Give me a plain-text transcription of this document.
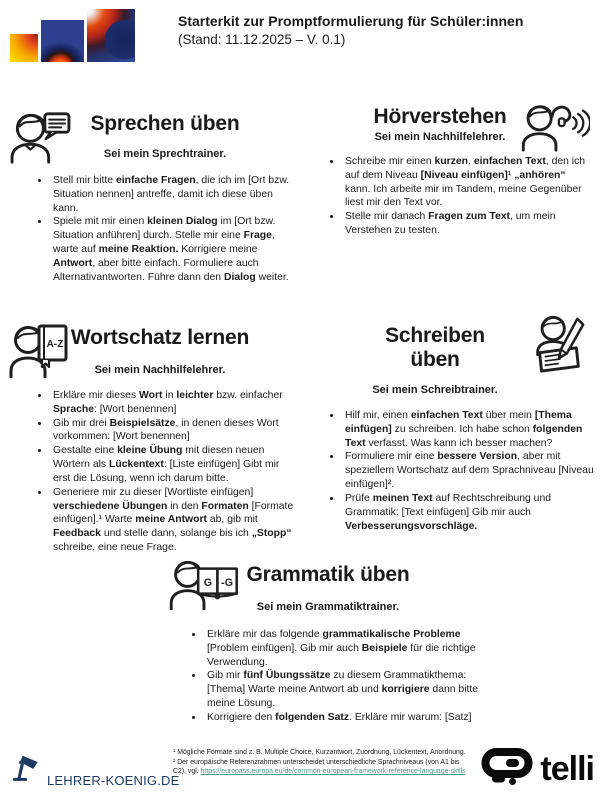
Starterkit zur Promptformulierung für Schüler:innen
(Stand: 11.12.2025 – V. 0.1)
Sprechen üben
Sei mein Sprechtrainer.
• Stell mir bitte einfache Fragen, die ich im [Ort bzw. Situation nennen] antreffe, damit ich diese üben kann.
• Spiele mit mir einen kleinen Dialog im [Ort bzw. Situation anführen] durch. Stelle mir eine Frage, warte auf meine Reaktion. Korrigiere meine Antwort, aber bitte einfach. Formuliere auch Alternativantworten. Führe dann den Dialog weiter.
Hörverstehen
Sei mein Nachhilfelehrer.
• Schreibe mir einen kurzen, einfachen Text, den ich auf dem Niveau [Niveau einfügen]¹ „anhören“ kann. Ich arbeite mir im Tandem, meine Gegenüber liest mir den Text vor.
• Stelle mir danach Fragen zum Text, um mein Verstehen zu testen.
A-Z Wortschatz lernen
Sei mein Nachhilfelehrer.
• Erkläre mir dieses Wort in leichter bzw. einfacher Sprache: [Wort benennen]
• Gib mir drei Beispielsätze, in denen dieses Wort vorkommen: [Wort benennen]
• Gestalte eine kleine Übung mit diesen neuen Wörtern als Lückentext: [Liste einfügen] Gibt mir erst die Lösung, wenn ich darum bitte.
• Generiere mir zu dieser [Wortliste einfügen] verschiedene Übungen in den Formaten [Formate einfügen].¹ Warte meine Antwort ab, gib mit Feedback und stelle dann, solange bis ich „Stopp“ schreibe, eine neue Frage.
Schreiben üben
Sei mein Schreibtrainer.
• Hilf mir, einen einfachen Text über mein [Thema einfügen] zu schreiben. Ich habe schon folgenden Text verfasst. Was kann ich besser machen?
• Formuliere mir eine bessere Version, aber mit speziellem Wortschatz auf dem Sprachniveau [Niveau einfügen]².
• Prüfe meinen Text auf Rechtschreibung und Grammatik: [Text einfügen] Gib mir auch Verbesserungsvorschläge.
G -G Grammatik üben
Sei mein Grammatiktrainer.
• Erkläre mir das folgende grammatikalische Probleme [Problem einfügen]. Gib mir auch Beispiele für die richtige Verwendung.
• Gib mir fünf Übungssätze zu diesem Grammatikthema: [Thema] Warte meine Antwort ab und korrigiere dann bitte meine Lösung.
• Korrigiere den folgenden Satz. Erkläre mir warum: [Satz]
¹ Mögliche Formate sind z. B. Multiple Choice, Kurzantwort, Zuordnung, Lückentext, Anordnung.
² Der europäische Referenzrahmen unterscheidet unterschiedliche Sprachniveaus (von A1 bis C2), vgl. https://europass.europa.eu/de/common-european-framework-reference-language-skills
LEHRER-KOENIG.DE	telli
